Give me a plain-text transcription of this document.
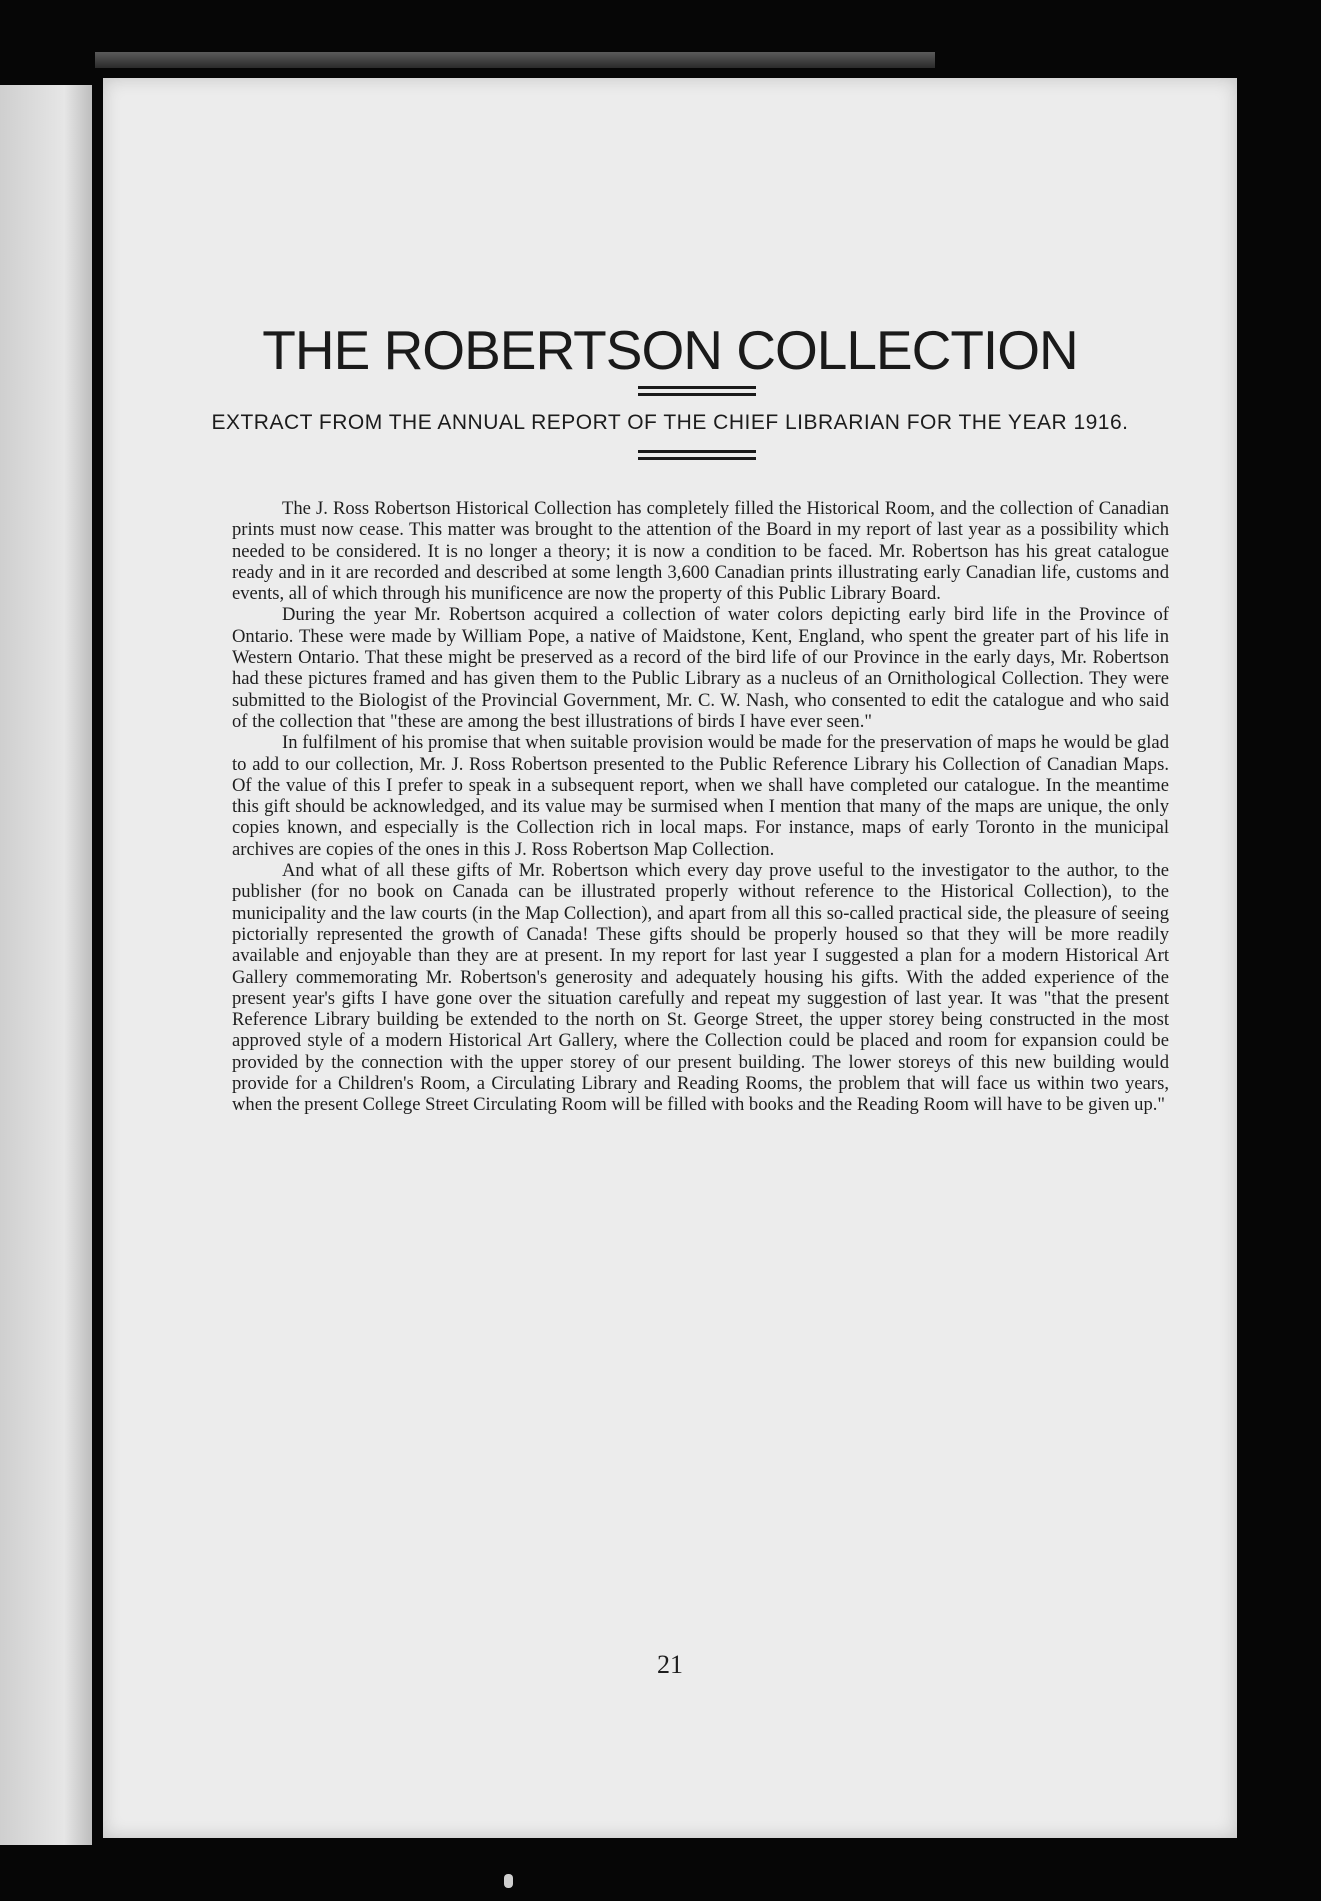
THE ROBERTSON COLLECTION

EXTRACT FROM THE ANNUAL REPORT OF THE CHIEF LIBRARIAN FOR THE YEAR 1916.

The J. Ross Robertson Historical Collection has completely filled the Historical Room, and the collection of Canadian prints must now cease. This matter was brought to the attention of the Board in my report of last year as a possibility which needed to be considered. It is no longer a theory; it is now a condition to be faced. Mr. Robertson has his great catalogue ready and in it are recorded and described at some length 3,600 Canadian prints illustrating early Canadian life, customs and events, all of which through his munificence are now the property of this Public Library Board.

During the year Mr. Robertson acquired a collection of water colors depicting early bird life in the Province of Ontario. These were made by William Pope, a native of Maidstone, Kent, England, who spent the greater part of his life in Western Ontario. That these might be preserved as a record of the bird life of our Province in the early days, Mr. Robertson had these pictures framed and has given them to the Public Library as a nucleus of an Ornithological Collection. They were submitted to the Biologist of the Provincial Government, Mr. C. W. Nash, who consented to edit the catalogue and who said of the collection that "these are among the best illustrations of birds I have ever seen."

In fulfilment of his promise that when suitable provision would be made for the preservation of maps he would be glad to add to our collection, Mr. J. Ross Robertson presented to the Public Reference Library his Collection of Canadian Maps. Of the value of this I prefer to speak in a subsequent report, when we shall have completed our catalogue. In the meantime this gift should be acknowledged, and its value may be surmised when I mention that many of the maps are unique, the only copies known, and especially is the Collection rich in local maps. For instance, maps of early Toronto in the municipal archives are copies of the ones in this J. Ross Robertson Map Collection.

And what of all these gifts of Mr. Robertson which every day prove useful to the investigator to the author, to the publisher (for no book on Canada can be illustrated properly without reference to the Historical Collection), to the municipality and the law courts (in the Map Collection), and apart from all this so-called practical side, the pleasure of seeing pictorially represented the growth of Canada! These gifts should be properly housed so that they will be more readily available and enjoyable than they are at present. In my report for last year I suggested a plan for a modern Historical Art Gallery commemorating Mr. Robertson's generosity and adequately housing his gifts. With the added experience of the present year's gifts I have gone over the situation carefully and repeat my suggestion of last year. It was "that the present Reference Library building be extended to the north on St. George Street, the upper storey being constructed in the most approved style of a modern Historical Art Gallery, where the Collection could be placed and room for expansion could be provided by the connection with the upper storey of our present building. The lower storeys of this new building would provide for a Children's Room, a Circulating Library and Reading Rooms, the problem that will face us within two years, when the present College Street Circulating Room will be filled with books and the Reading Room will have to be given up."

21
